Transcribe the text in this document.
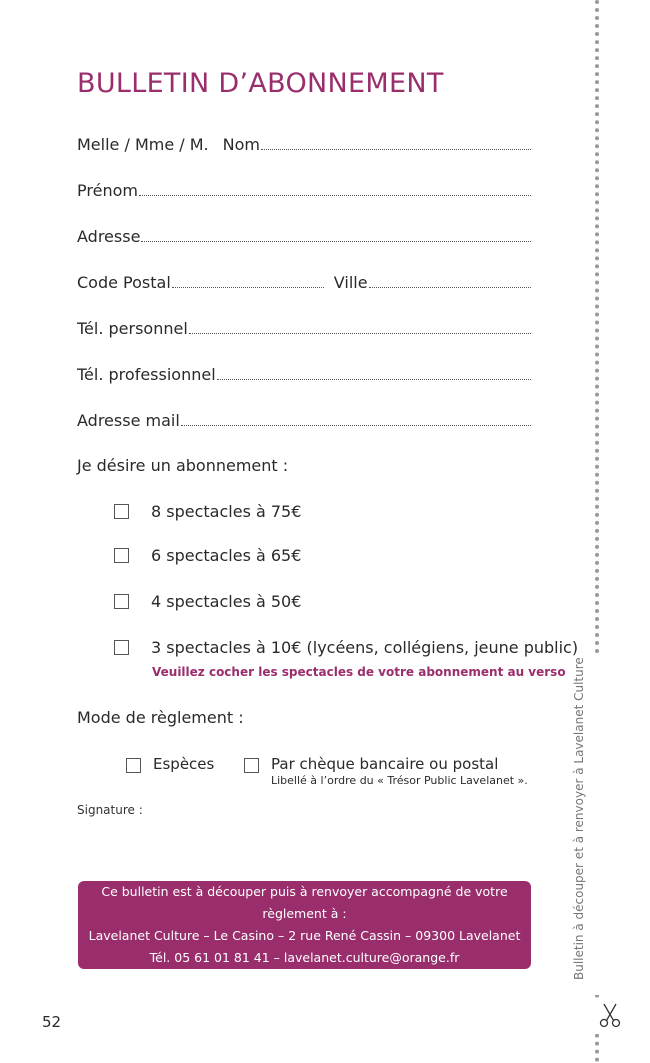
BULLETIN D’ABONNEMENT
Melle / Mme / M. Nom
Prénom
Adresse
Code Postal	Ville
Tél. personnel
Tél. professionnel
Adresse mail
Je désire un abonnement :
8 spectacles à 75€
6 spectacles à 65€
4 spectacles à 50€
3 spectacles à 10€ (lycéens, collégiens, jeune public)
Veuillez cocher les spectacles de votre abonnement au verso
Mode de règlement :
Espèces	Par chèque bancaire ou postal
Libellé à l’ordre du « Trésor Public Lavelanet ».
Signature :
Ce bulletin est à découper puis à renvoyer accompagné de votre règlement à :
Lavelanet Culture – Le Casino – 2 rue René Cassin – 09300 Lavelanet
Tél. 05 61 01 81 41 – lavelanet.culture@orange.fr
52
Bulletin à découper et à renvoyer à Lavelanet Culture
